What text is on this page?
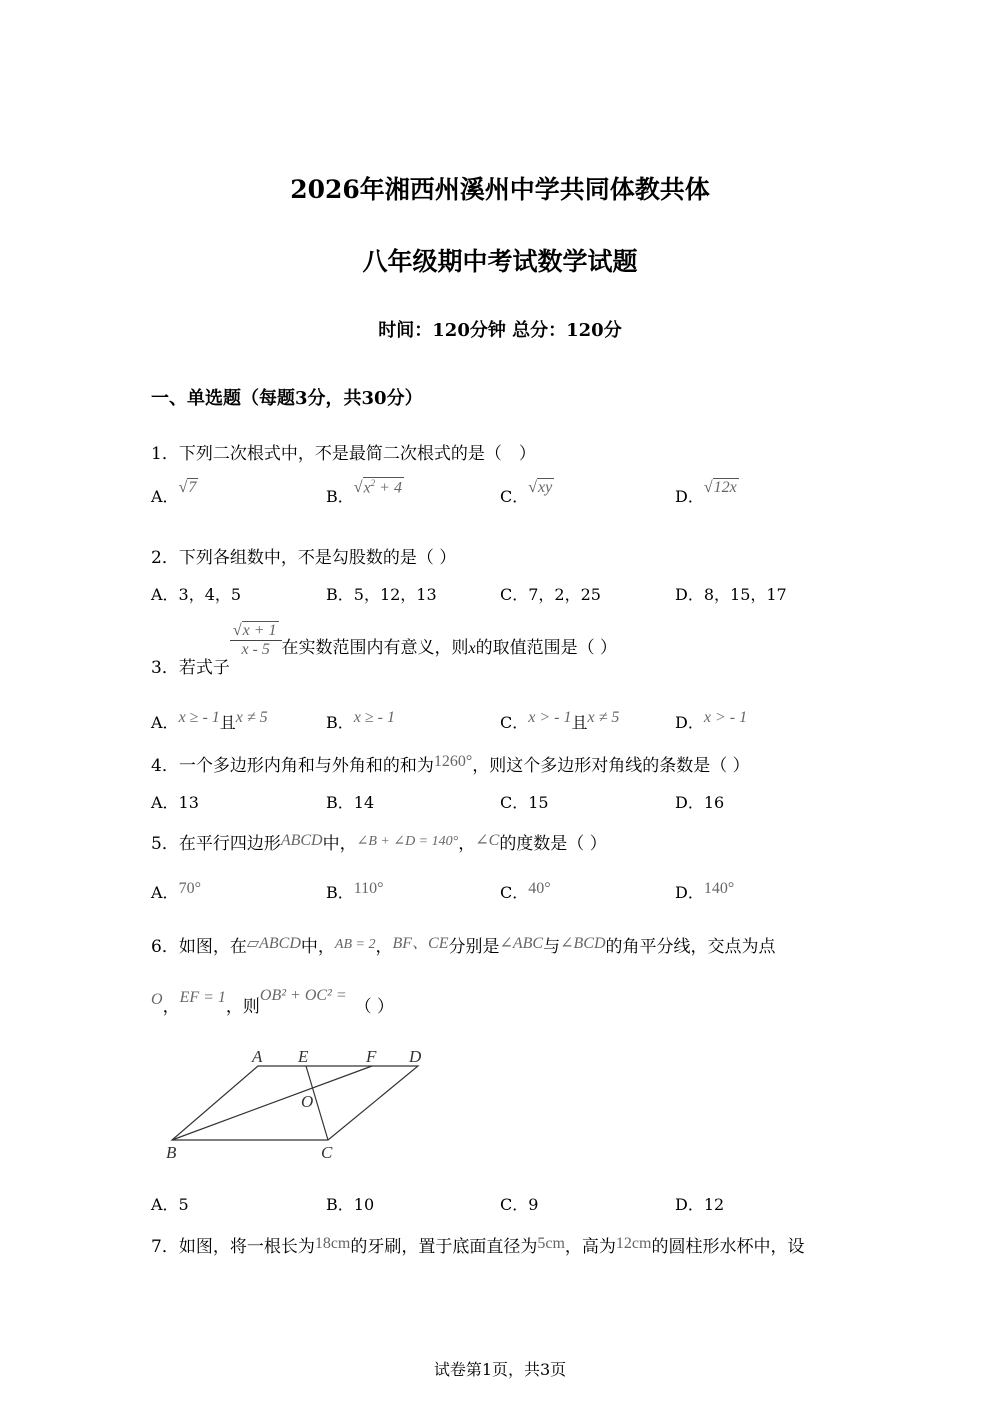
2026年湘西州溪州中学共同体教共体
八年级期中考试数学试题
时间：120分钟 总分：120分
一、单选题（每题3分，共30分）
1．下列二次根式中，不是最简二次根式的是（　）
A．√7	B．$√x^2 + 4$	C．√xy	D．√12x
2．下列各组数中，不是勾股数的是（ ）
A．3，4，5	B．5，12，13	C．7，2，25	D．8，15，17
3．若式子
$\frac{√x + 1}{x - 5}$ 在实数范围内有意义，则x的取值范围是（ ）
A．x ≥ - 1且x ≠ 5	B．x ≥ - 1	C．x > - 1且x ≠ 5	D．x > - 1
4．一个多边形内角和与外角和的和为1260°，则这个多边形对角线的条数是（ ）
A．13	B．14	C．15	D．16
5．在平行四边形ABCD中，$^{\angle B + \angle D = 140^\circ}$，∠C的度数是（ ）
A．70°	B．110°	C．40°	D．140°
6．如图，在▱ABCD中，$^{AB = 2}$，BF、CE分别是∠ABC与∠BCD的角平分线，交点为点
O，EF = 1，则OB² + OC² =（ ）
A E	F D
O
B	C
A．5	B．10	C．9	D．12
7．如图，将一根长为18cm的牙刷，置于底面直径为5cm，高为12cm的圆柱形水杯中，设
试卷第1页，共3页
